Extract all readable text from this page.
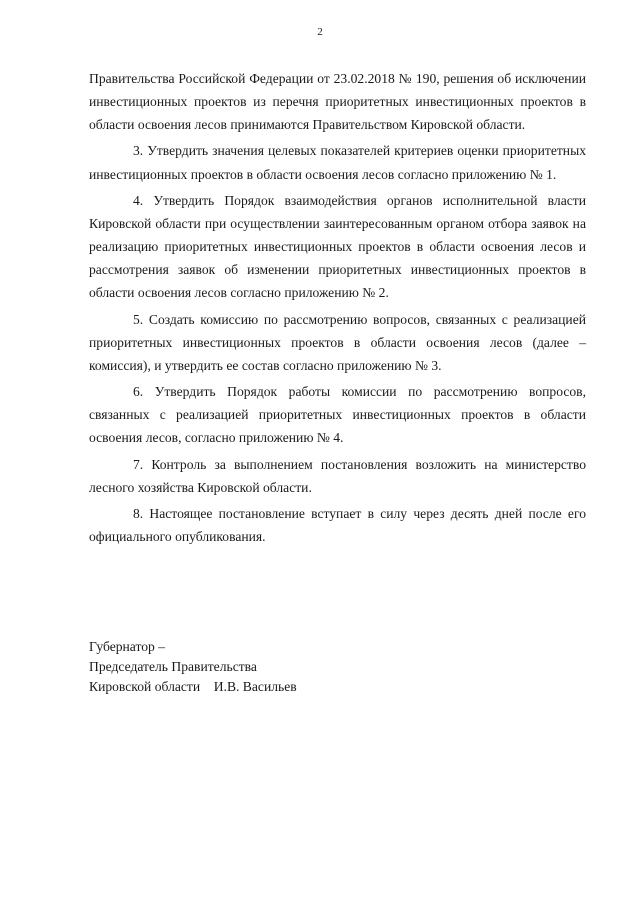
2

Правительства Российской Федерации от 23.02.2018 № 190, решения об исключении инвестиционных проектов из перечня приоритетных инвестиционных проектов в области освоения лесов принимаются Правительством Кировской области.

3. Утвердить значения целевых показателей критериев оценки приоритетных инвестиционных проектов в области освоения лесов согласно приложению № 1.

4. Утвердить Порядок взаимодействия органов исполнительной власти Кировской области при осуществлении заинтересованным органом отбора заявок на реализацию приоритетных инвестиционных проектов в области освоения лесов и рассмотрения заявок об изменении приоритетных инвестиционных проектов в области освоения лесов согласно приложению № 2.

5. Создать комиссию по рассмотрению вопросов, связанных с реализацией приоритетных инвестиционных проектов в области освоения лесов (далее – комиссия), и утвердить ее состав согласно приложению № 3.

6. Утвердить Порядок работы комиссии по рассмотрению вопросов, связанных с реализацией приоритетных инвестиционных проектов в области освоения лесов, согласно приложению № 4.

7. Контроль за выполнением постановления возложить на министерство лесного хозяйства Кировской области.

8. Настоящее постановление вступает в силу через десять дней после его официального опубликования.

Губернатор –
Председатель Правительства
Кировской области    И.В. Васильев
